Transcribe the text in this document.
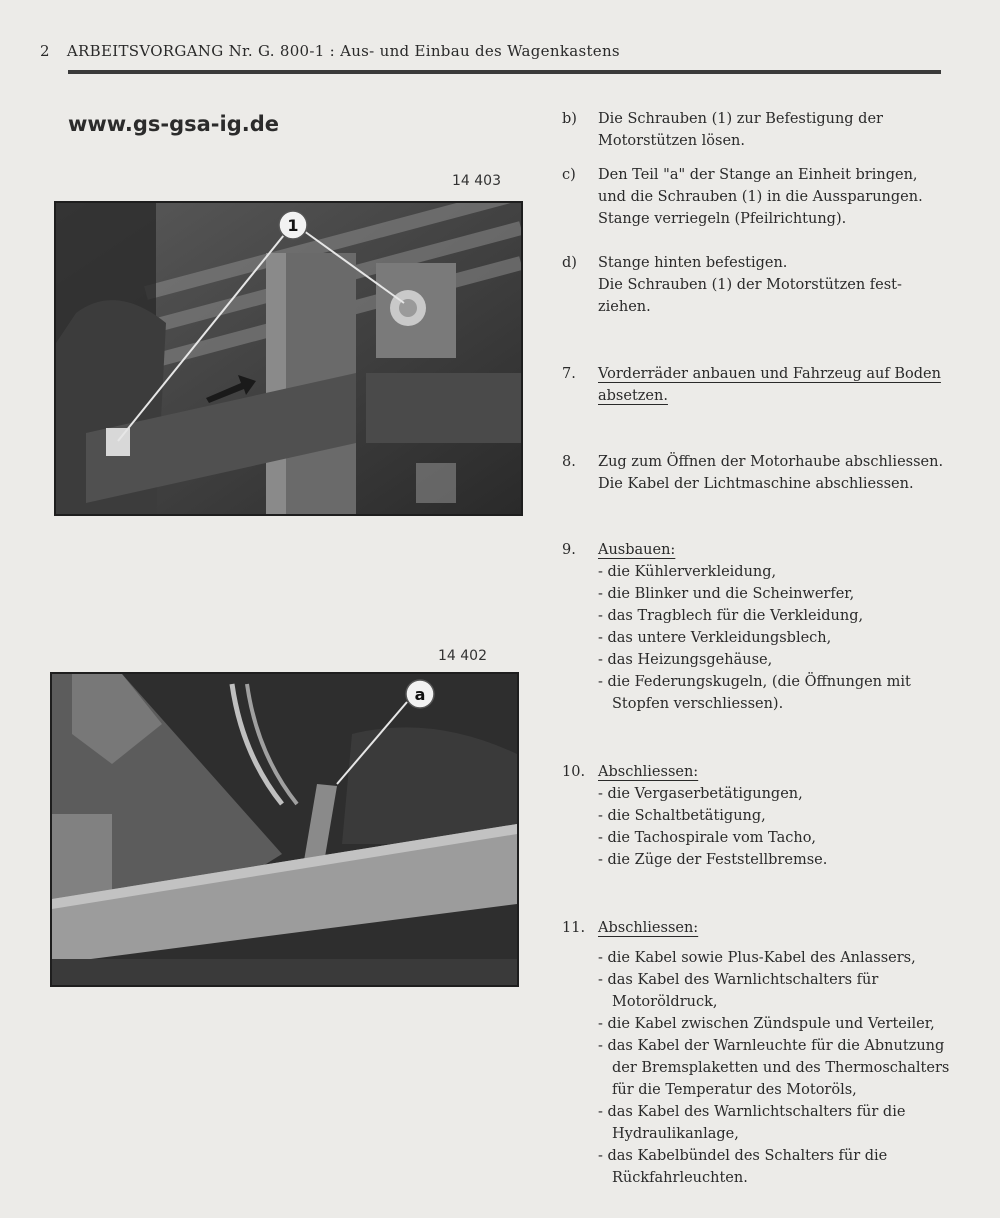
2 ARBEITSVORGANG Nr. G. 800-1 : Aus- und Einbau des Wagenkastens
www.gs-gsa-ig.de
14 403
1
14 402
a
b) Die Schrauben (1) zur Befestigung der
Motorstützen lösen.
c) Den Teil "a" der Stange an Einheit bringen,
und die Schrauben (1) in die Aussparungen.
Stange verriegeln (Pfeilrichtung).
d) Stange hinten befestigen.
Die Schrauben (1) der Motorstützen fest-
ziehen.
7. Vorderräder anbauen und Fahrzeug auf Boden
absetzen.
8. Zug zum Öffnen der Motorhaube abschliessen.
Die Kabel der Lichtmaschine abschliessen.
9. Ausbauen:
- die Kühlerverkleidung,
- die Blinker und die Scheinwerfer,
- das Tragblech für die Verkleidung,
- das untere Verkleidungsblech,
- das Heizungsgehäuse,
- die Federungskugeln, (die Öffnungen mit Stopfen verschliessen).
10. Abschliessen:
- die Vergaserbetätigungen,
- die Schaltbetätigung,
- die Tachospirale vom Tacho,
- die Züge der Feststellbremse.
11. Abschliessen:
- die Kabel sowie Plus-Kabel des Anlassers,
- das Kabel des Warnlichtschalters für Motoröldruck,
- die Kabel zwischen Zündspule und Verteiler,
- das Kabel der Warnleuchte für die Abnutzung der Bremsplaketten und des Thermoschalters für die Temperatur des Motoröls,
- das Kabel des Warnlichtschalters für die Hydraulikanlage,
- das Kabelbündel des Schalters für die Rückfahrleuchten.
